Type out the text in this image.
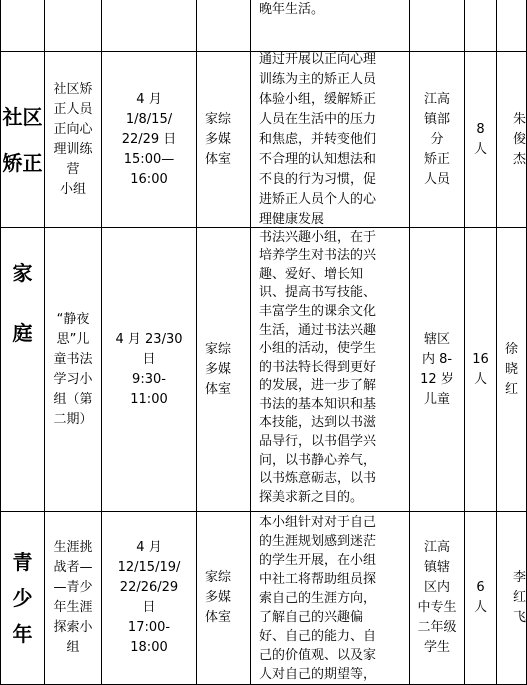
晚年生活。
社区
矫正
社区矫
正人员
正向心
理训练
营
小组
4 月
1/8/15/
22/29 日
15:00—
16:00
家综
多媒
体室
通过开展以正向心理
训练为主的矫正人员
体验小组，缓解矫正
人员在生活中的压力
和焦虑，并转变他们
不合理的认知想法和
不良的行为习惯，促
进矫正人员个人的心
理健康发展
江高
镇部
分
矫正
人员
8
人
朱
俊
杰
家
庭
“静夜
思”儿
童书法
学习小
组（第
二期）
4 月 23/30
日
9:30-
11:00
家综
多媒
体室
书法兴趣小组，在于
培养学生对书法的兴
趣、爱好、增长知
识、提高书写技能、
丰富学生的课余文化
生活，通过书法兴趣
小组的活动，使学生
的书法特长得到更好
的发展，进一步了解
书法的基本知识和基
本技能，达到以书滋
品导行，以书倡学兴
问，以书静心养气，
以书炼意砺志，以书
探美求新之目的。
辖区
内 8-
12 岁
儿童
16
人
徐
晓
红
青
少
年
生涯挑
战者—
—青少
年生涯
探索小
组
4 月
12/15/19/
22/26/29
日
17:00-
18:00
家综
多媒
体室
本小组针对对于自己
的生涯规划感到迷茫
的学生开展，在小组
中社工将帮助组员探
索自己的生涯方向，
了解自己的兴趣偏
好、自己的能力、自
己的价值观、以及家
人对自己的期望等，
江高
镇辖
区内
中专生
二年级
学生
6
人
李
红
飞
